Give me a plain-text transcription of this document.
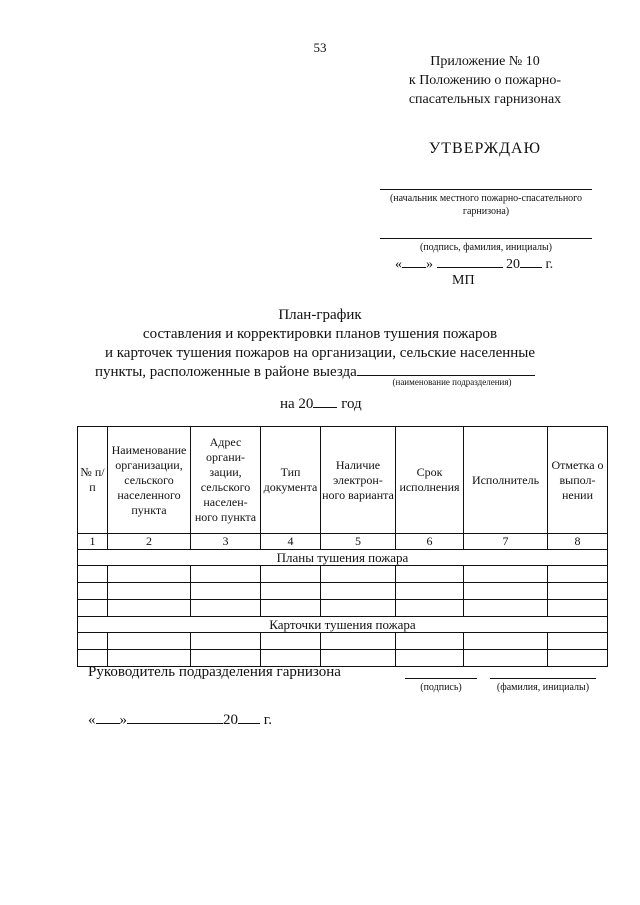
53
Приложение № 10
к Положению о пожарно-
спасательных гарнизонах
УТВЕРЖДАЮ
(начальник местного пожарно-спасательного
гарнизона)
(подпись, фамилия, инициалы)
« »	20 г.
МП
План-график
составления и корректировки планов тушения пожаров
и карточек тушения пожаров на организации, сельские населенные
пункты, расположенные в районе выезда
(наименование подразделения)
на 20 год
№ п/п	Наименование организации, сельского населенного пункта	Адрес органи-зации, сельского населен-ного пункта	Тип документа	Наличие электрон-ного варианта	Срок исполнения	Исполнитель	Отметка о выпол-нении
1	2	3	4	5	6	7	8
Планы тушения пожара							

Карточки тушения пожара							

Руководитель подразделения гарнизона
(подпись)	(фамилия, инициалы)
« »	20 г.
